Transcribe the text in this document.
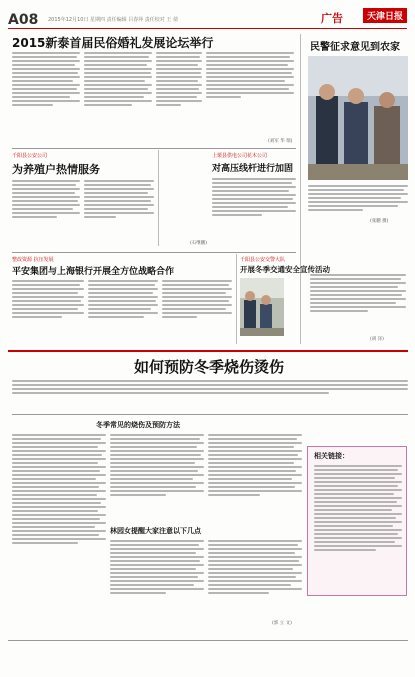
A08 2015年12月10日 星期四 责任编辑 吕春萍 责任校对 王 倩	广告	天津日报
2015新泰首届民俗婚礼发展论坛举行
(刘军 华 瑞)
民警征求意见到农家
(张鹏 摄)
千阳县公安公司
为养殖户热情服务
(石继鹏)
上栗县供电公司花木公司
对高压线杆进行加固
整改资源 抗压发展
平安集团与上海银行开展全方位战略合作
千阳县公安交警大队
开展冬季交通安全宣传活动
(胡 泽)
如何预防冬季烧伤烫伤
冬季常见的烧伤及预防方法
林园女提醒大家注意以下几点
(郭 立 文)
相关链接：
